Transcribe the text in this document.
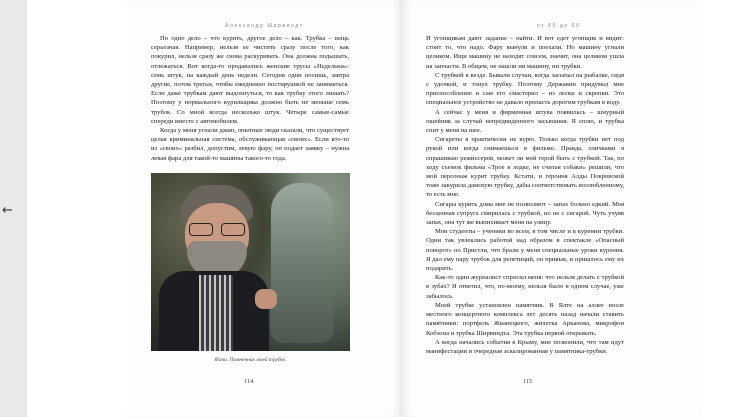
←
Александр Ширвиндт

По одно дело – что курить, другое дело – как. Трубка – вещь серьезная. Например, нельзя ее чистить сразу после того, как покурил, нельзя сразу же снова раскуривать. Она должна подышать, отлежаться. Вот когда-то продавались женские трусы «Недельки»: семь штук, на каждый день недели. Сегодня одни носишь, завтра другие, потом третьи, чтобы ежедневно постирушкой не заниматься. Если даже трубкам дают выдохнуться, то как трубку этого лишать? Поэтому у нормального курильщика должно быть не меньше семь трубок. Со мной всегда несколько штук. Четыре самые-самые спереди вместе с автомобилем.

Когда у меня угнали джип, опытные люди сказали, что существует целая криминальная система, обслуживающая «своих». Если кто-то из «своих» разбил, допустим, левую фару, он подает заявку – нужна левая фара для такой-то машины такого-то года.

Ялта. Помненник моей трубке.
114
от 80 до 60

И угонщикам дают задание – найти. И вот едет угонщик и видит: стоит то, что надо. Фару вынули и поехали. Но машину угнали целиком. Ищи машину не находят совсем, значит, она целиком ушла на запчасти. В общем, не нашли ни машину, ни трубки.

С трубкой я везде. Бывали случаи, когда засыпал на рыбалке, сидя с удочкой, и тонул трубку. Поэтому Державин придумал мне приспособление и сам его смастерил – из лески и скрепки. Это специальное устройство не давало пропасть дорогим трубкам в воду.

А сейчас у меня и фирменная штука появилась – шнурный ошейник за случай непредвиденного засыпания. Я сплю, и трубка спит у меня на шее.

Сигареты я практически не курю. Только когда трубки нет под рукой или когда снимаешься в фильме. Правда, спичками я спрашиваю режиссеров, может ли мой герой быть с трубкой. Так, по ходу съемок фильма «Трое в лодке, не считая собаки» решили, что мой персонаж курит трубку. Кстати, и героиня Алды Покровской тоже закурила дамскую трубку, дабы соответствовать возлюбленному, то есть мне.

Сигары курить дома мне не позволяют – запах больно едкий. Моя бесценная супруга смирилась с трубкой, но не с сигарой. Чуть учуяв запах, она тут же выпихивает меня на улицу.

Мои студенты – ученики во всем, в том числе и в курении трубки. Одни так увлеклись работой над образом в спектакле «Опасный поворот» по Пристли, что брали у меня специальные уроки курения. Я дал ему пару трубок для репетиций, он привык, и пришлось ему их подарить.

Как-то один журналист спросил меня: что нельзя делать с трубкой в зубах? Я ответил, что, по-моему, нельзя было в одном случае, уже забылось.

Моей трубке установлен памятник. В Ялте на аллее возле местного концертного комплекса лет десять назад начали ставить памятники: портфель Жванецкого, жилетка Арканова, микрофон Кобзона и трубка Ширвиндта. Эта трубка первой открывать.

А когда начались события в Крыму, мне позвонили, что там идут манифестации и очередная эскалированная у памятника-трубки.

115
